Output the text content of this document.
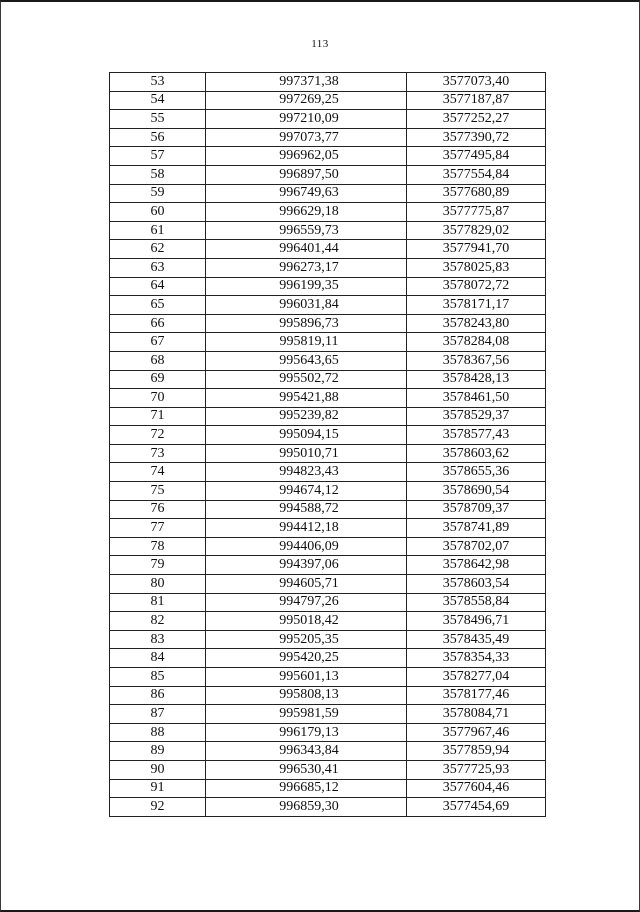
113
53	997371,38	3577073,40
54	997269,25	3577187,87
55	997210,09	3577252,27
56	997073,77	3577390,72
57	996962,05	3577495,84
58	996897,50	3577554,84
59	996749,63	3577680,89
60	996629,18	3577775,87
61	996559,73	3577829,02
62	996401,44	3577941,70
63	996273,17	3578025,83
64	996199,35	3578072,72
65	996031,84	3578171,17
66	995896,73	3578243,80
67	995819,11	3578284,08
68	995643,65	3578367,56
69	995502,72	3578428,13
70	995421,88	3578461,50
71	995239,82	3578529,37
72	995094,15	3578577,43
73	995010,71	3578603,62
74	994823,43	3578655,36
75	994674,12	3578690,54
76	994588,72	3578709,37
77	994412,18	3578741,89
78	994406,09	3578702,07
79	994397,06	3578642,98
80	994605,71	3578603,54
81	994797,26	3578558,84
82	995018,42	3578496,71
83	995205,35	3578435,49
84	995420,25	3578354,33
85	995601,13	3578277,04
86	995808,13	3578177,46
87	995981,59	3578084,71
88	996179,13	3577967,46
89	996343,84	3577859,94
90	996530,41	3577725,93
91	996685,12	3577604,46
92	996859,30	3577454,69
